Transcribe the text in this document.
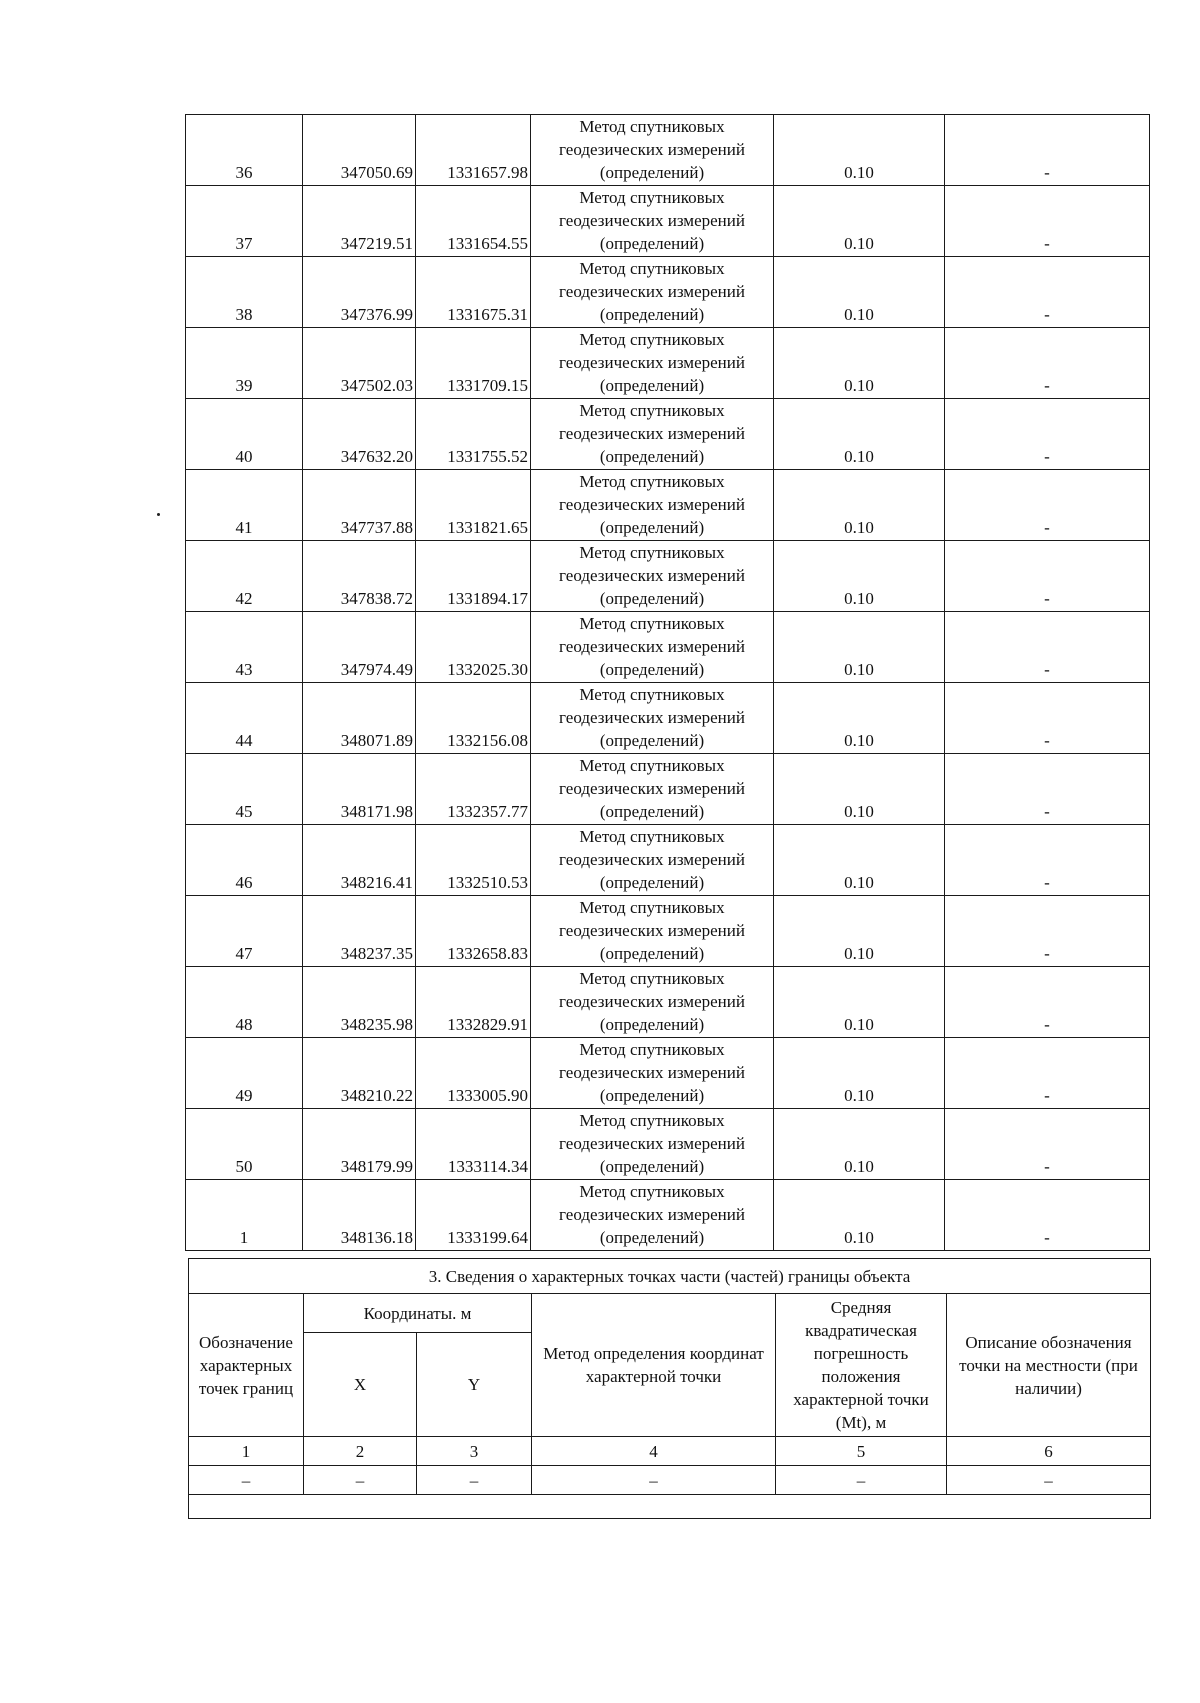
36	347050.69	1331657.98	Метод спутниковых
геодезических измерений
(определений)	0.10	-
37	347219.51	1331654.55	Метод спутниковых
геодезических измерений
(определений)	0.10	-
38	347376.99	1331675.31	Метод спутниковых
геодезических измерений
(определений)	0.10	-
39	347502.03	1331709.15	Метод спутниковых
геодезических измерений
(определений)	0.10	-
40	347632.20	1331755.52	Метод спутниковых
геодезических измерений
(определений)	0.10	-
41	347737.88	1331821.65	Метод спутниковых
геодезических измерений
(определений)	0.10	-
42	347838.72	1331894.17	Метод спутниковых
геодезических измерений
(определений)	0.10	-
43	347974.49	1332025.30	Метод спутниковых
геодезических измерений
(определений)	0.10	-
44	348071.89	1332156.08	Метод спутниковых
геодезических измерений
(определений)	0.10	-
45	348171.98	1332357.77	Метод спутниковых
геодезических измерений
(определений)	0.10	-
46	348216.41	1332510.53	Метод спутниковых
геодезических измерений
(определений)	0.10	-
47	348237.35	1332658.83	Метод спутниковых
геодезических измерений
(определений)	0.10	-
48	348235.98	1332829.91	Метод спутниковых
геодезических измерений
(определений)	0.10	-
49	348210.22	1333005.90	Метод спутниковых
геодезических измерений
(определений)	0.10	-
50	348179.99	1333114.34	Метод спутниковых
геодезических измерений
(определений)	0.10	-
1	348136.18	1333199.64	Метод спутниковых
геодезических измерений
(определений)	0.10	-
3. Сведения о характерных точках части (частей) границы объекта					
Обозначение характерных точек границ	Координаты. м		Метод определения координат характерной точки	Средняя квадратическая погрешность положения характерной точки (Mt), м	Описание обозначения точки на местности (при наличии)
	X	Y			
1	2	3	4	5	6
–	–	–	–	–	–
